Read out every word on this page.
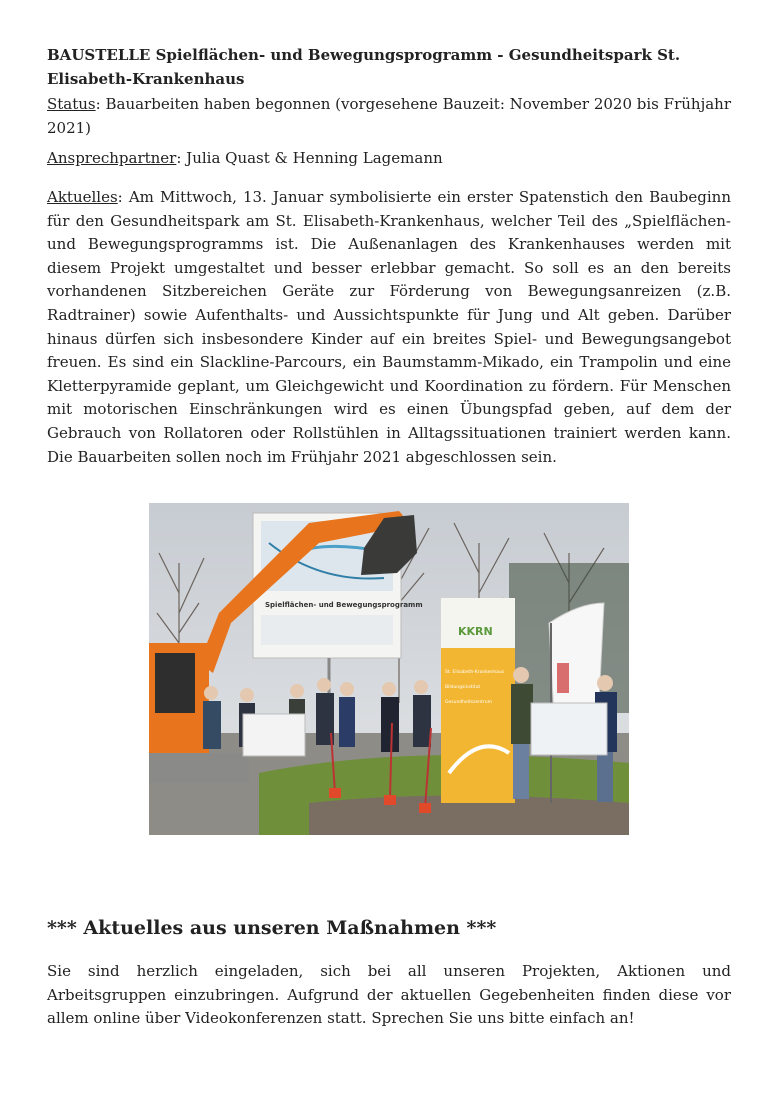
BAUSTELLE Spielflächen- und Bewegungsprogramm - Gesundheitspark St. Elisabeth-Krankenhaus

Status: Bauarbeiten haben begonnen (vorgesehene Bauzeit: November 2020 bis Frühjahr 2021)

Ansprechpartner: Julia Quast & Henning Lagemann

Aktuelles: Am Mittwoch, 13. Januar symbolisierte ein erster Spatenstich den Baubeginn für den Gesundheitspark am St. Elisabeth-Krankenhaus, welcher Teil des „Spielflächen- und Bewegungsprogramms ist. Die Außenanlagen des Krankenhauses werden mit diesem Projekt umgestaltet und besser erlebbar gemacht. So soll es an den bereits vorhandenen Sitzbereichen Geräte zur Förderung von Bewegungsanreizen (z.B. Radtrainer) sowie Aufenthalts- und Aussichtspunkte für Jung und Alt geben. Darüber hinaus dürfen sich insbesondere Kinder auf ein breites Spiel- und Bewegungsangebot freuen. Es sind ein Slackline-Parcours, ein Baumstamm-Mikado, ein Trampolin und eine Kletterpyramide geplant, um Gleichgewicht und Koordination zu fördern. Für Menschen mit motorischen Einschränkungen wird es einen Übungspfad geben, auf dem der Gebrauch von Rollatoren oder Rollstühlen in Alltagssituationen trainiert werden kann. Die Bauarbeiten sollen noch im Frühjahr 2021 abgeschlossen sein.

Spielflächen- und Bewegungsprogramm
KKRN
St. Elisabeth-Krankenhaus
Bildungsinstitut
Gesundheitszentrum
*** Aktuelles aus unseren Maßnahmen ***

Sie sind herzlich eingeladen, sich bei all unseren Projekten, Aktionen und Arbeitsgruppen einzubringen. Aufgrund der aktuellen Gegebenheiten finden diese vor allem online über Videokonferenzen statt. Sprechen Sie uns bitte einfach an!
